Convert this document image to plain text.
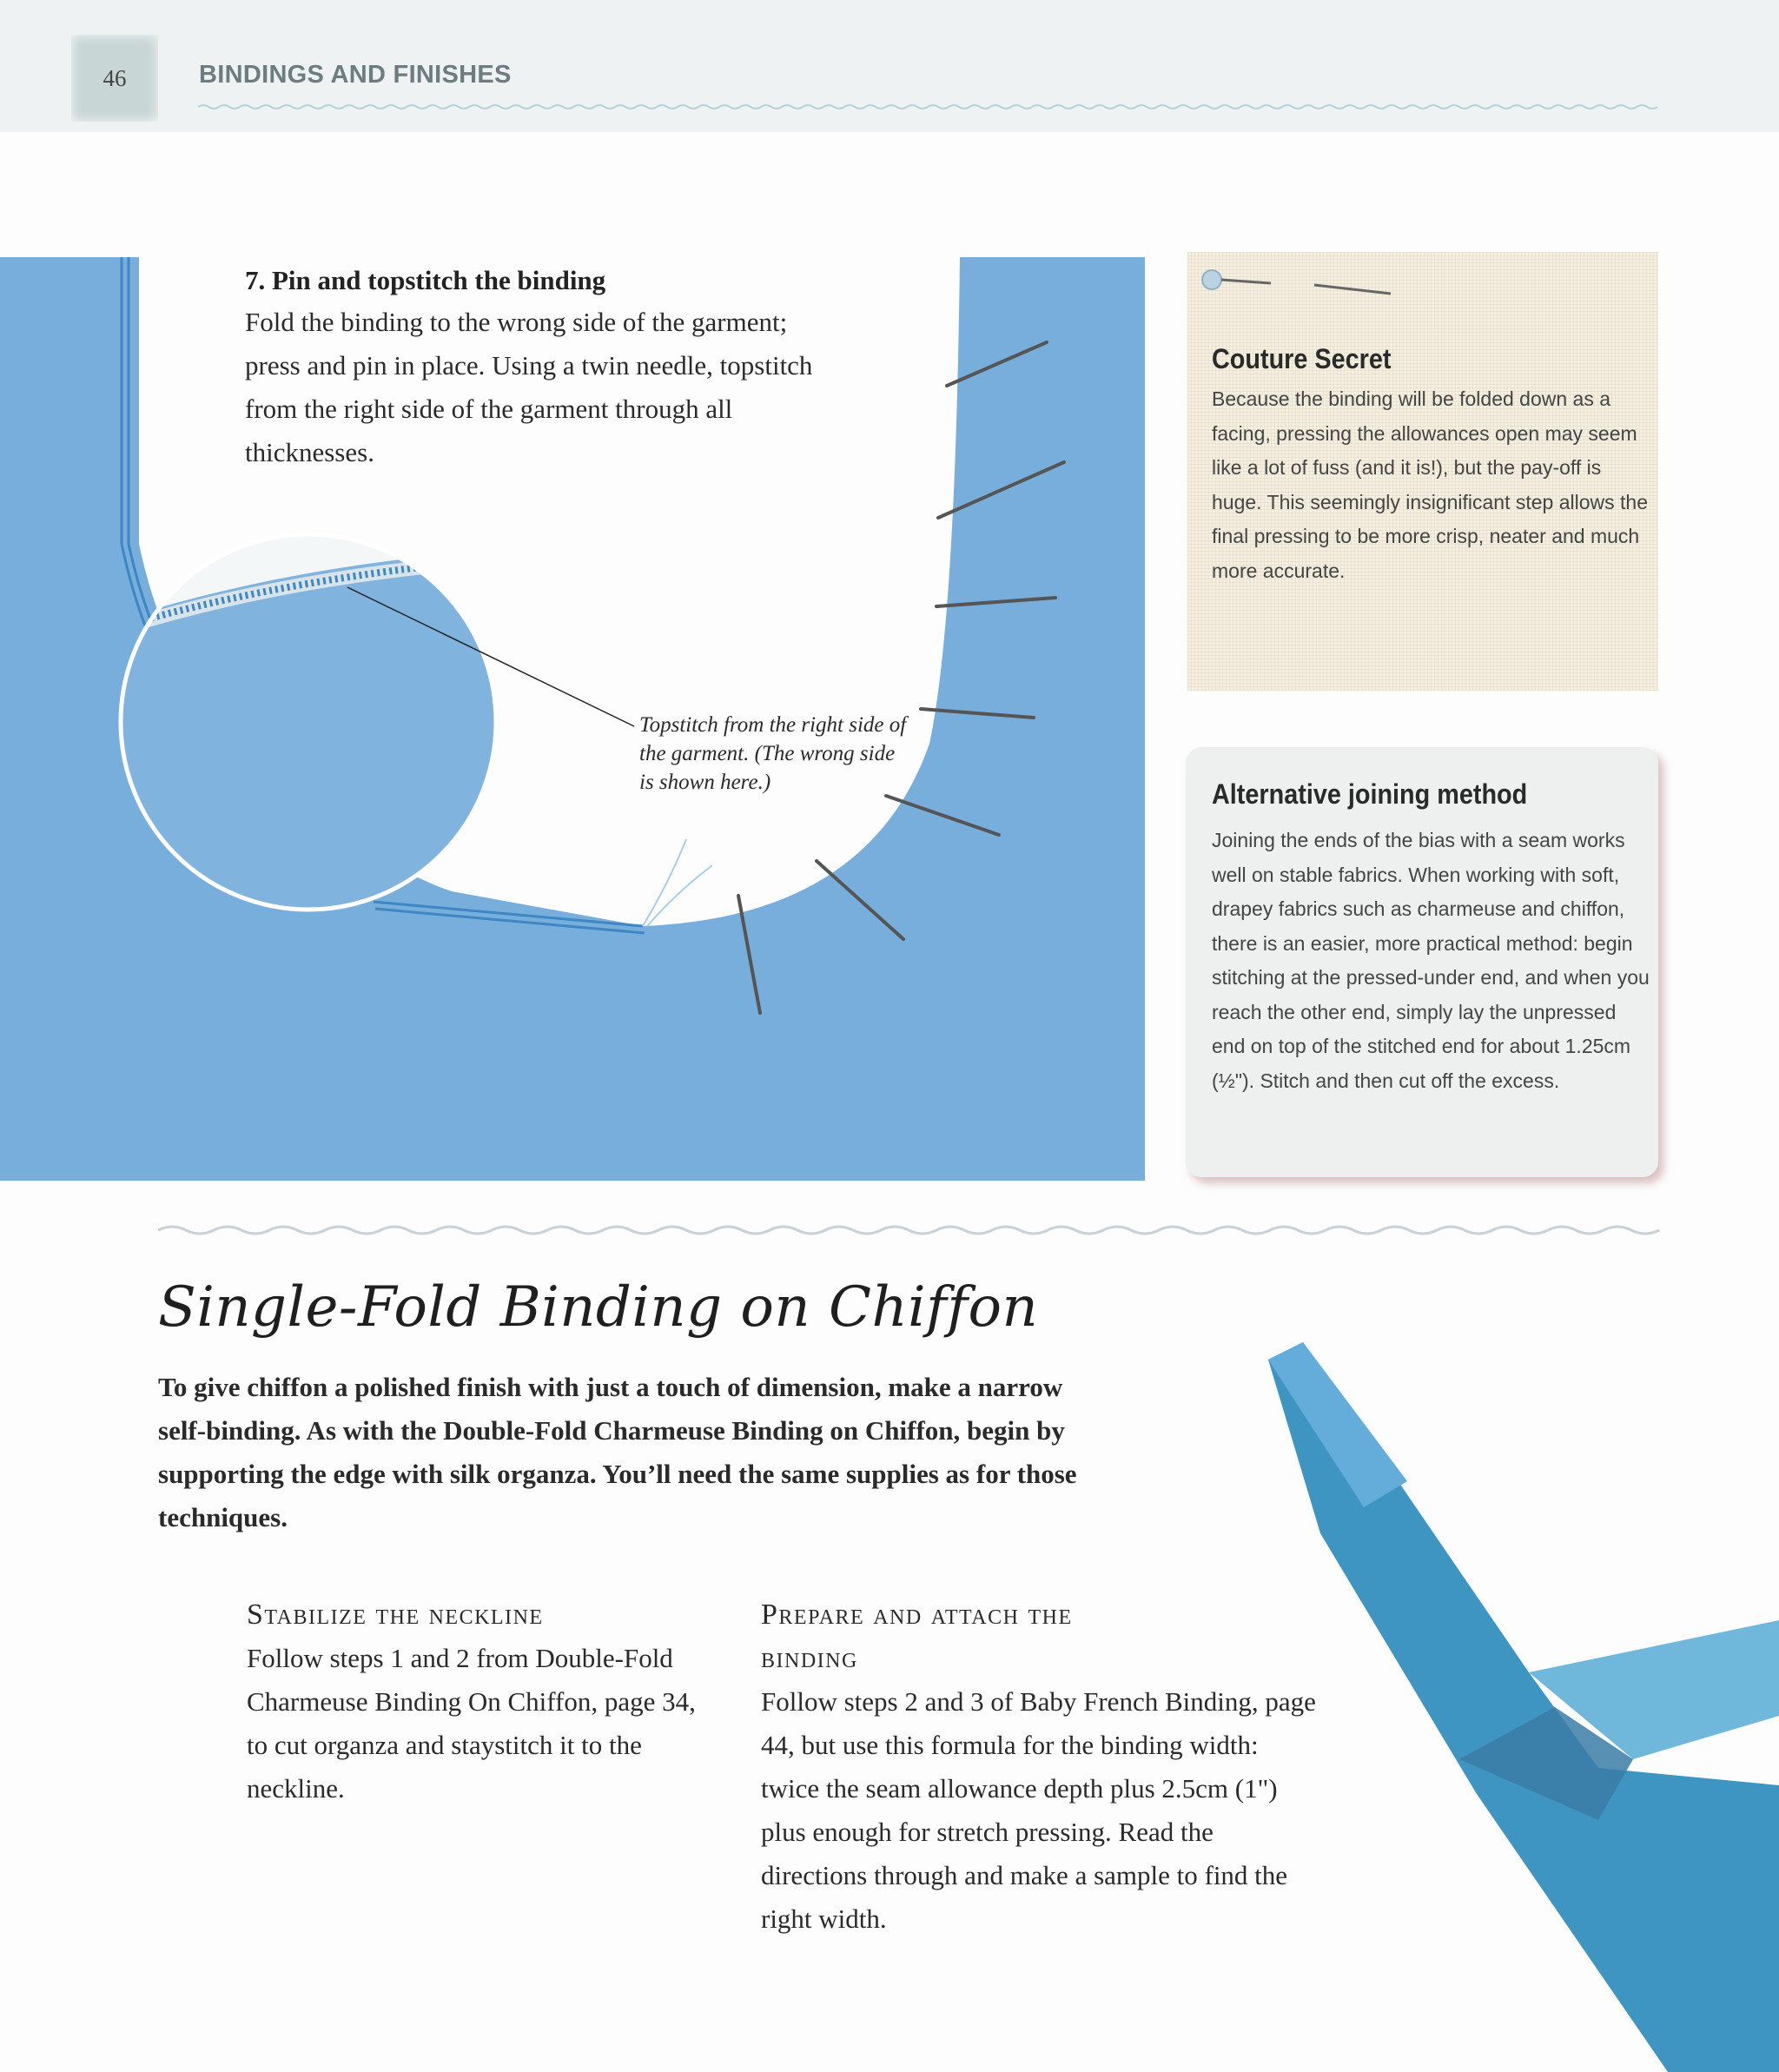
46	BINDINGS AND FINISHES
7. Pin and topstitch the binding
Fold the binding to the wrong side of the garment; press and pin in place. Using a twin needle, topstitch from the right side of the garment through all thicknesses.
Topstitch from the right side of the garment. (The wrong side is shown here.)
Couture Secret
Because the binding will be folded down as a facing, pressing the allowances open may seem like a lot of fuss (and it is!), but the pay-off is huge. This seemingly insignificant step allows the final pressing to be more crisp, neater and much more accurate.
Alternative joining method
Joining the ends of the bias with a seam works well on stable fabrics. When working with soft, drapey fabrics such as charmeuse and chiffon, there is an easier, more practical method: begin stitching at the pressed-under end, and when you reach the other end, simply lay the unpressed end on top of the stitched end for about 1.25cm (½"). Stitch and then cut off the excess.
Single-Fold Binding on Chiffon
To give chiffon a polished finish with just a touch of dimension, make a narrow self-binding. As with the Double-Fold Charmeuse Binding on Chiffon, begin by supporting the edge with silk organza. You’ll need the same supplies as for those techniques.
Stabilize the neckline
Follow steps 1 and 2 from Double-Fold Charmeuse Binding On Chiffon, page 34, to cut organza and staystitch it to the neckline.
Prepare and attach the binding
Follow steps 2 and 3 of Baby French Binding, page 44, but use this formula for the binding width: twice the seam allowance depth plus 2.5cm (1") plus enough for stretch pressing. Read the directions through and make a sample to find the right width.
